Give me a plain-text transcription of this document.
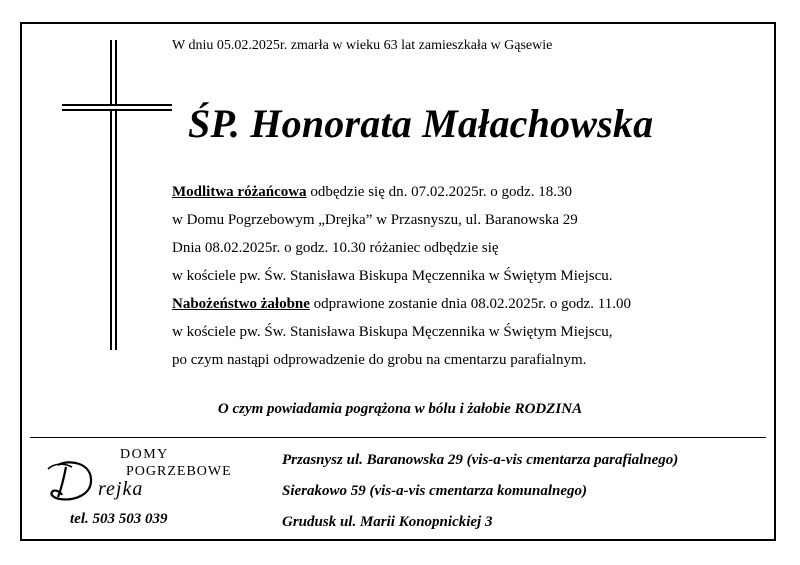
W dniu 05.02.2025r. zmarła w wieku 63 lat zamieszkała w Gąsewie
ŚP. Honorata Małachowska
Modlitwa różańcowa odbędzie się dn. 07.02.2025r. o godz. 18.30
w Domu Pogrzebowym „Drejka” w Przasnyszu, ul. Baranowska 29
Dnia 08.02.2025r. o godz. 10.30 różaniec odbędzie się
w kościele pw. Św. Stanisława Biskupa Męczennika w Świętym Miejscu.
Nabożeństwo żałobne odprawione zostanie dnia 08.02.2025r. o godz. 11.00
w kościele pw. Św. Stanisława Biskupa Męczennika w Świętym Miejscu,
po czym nastąpi odprowadzenie do grobu na cmentarzu parafialnym.
O czym powiadamia pogrążona w bólu i żałobie RODZINA
DOMY
POGRZEBOWE
rejka
tel. 503 503 039
Przasnysz ul. Baranowska 29 (vis-a-vis cmentarza parafialnego)
Sierakowo 59 (vis-a-vis cmentarza komunalnego)
Grudusk ul. Marii Konopnickiej 3
